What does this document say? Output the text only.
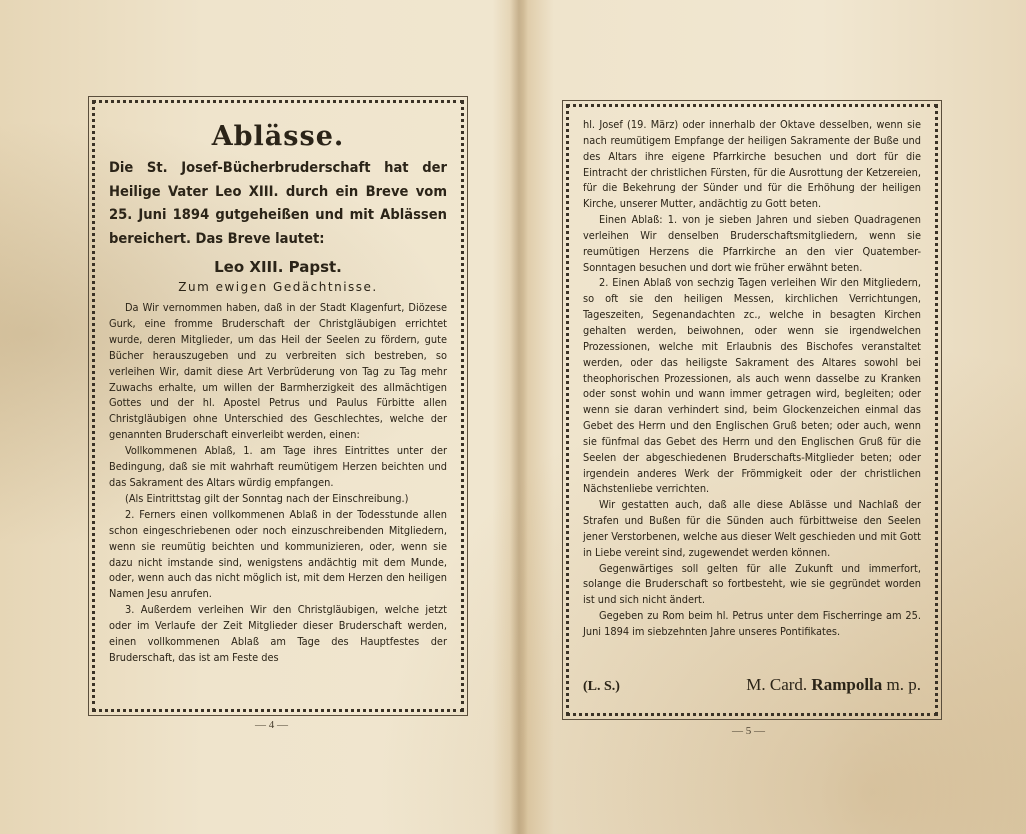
Ablässe.
Die St. Josef-Bücherbruderschaft hat der Heilige Vater Leo XIII. durch ein Breve vom 25. Juni 1894 gutgeheißen und mit Ablässen bereichert. Das Breve lautet:
Leo XIII. Papst.
Zum ewigen Gedächtnisse.

Da Wir vernommen haben, daß in der Stadt Klagenfurt, Diözese Gurk, eine fromme Bruderschaft der Christgläubigen errichtet wurde, deren Mitglieder, um das Heil der Seelen zu fördern, gute Bücher herauszugeben und zu verbreiten sich bestreben, so verleihen Wir, damit diese Art Verbrüderung von Tag zu Tag mehr Zuwachs erhalte, um willen der Barmherzigkeit des allmächtigen Gottes und der hl. Apostel Petrus und Paulus Fürbitte allen Christgläubigen ohne Unterschied des Geschlechtes, welche der genannten Bruderschaft einverleibt werden, einen:

Vollkommenen Ablaß, 1. am Tage ihres Eintrittes unter der Bedingung, daß sie mit wahrhaft reumütigem Herzen beichten und das Sakrament des Altars würdig empfangen.

(Als Eintrittstag gilt der Sonntag nach der Einschreibung.)

2. Ferners einen vollkommenen Ablaß in der Todesstunde allen schon eingeschriebenen oder noch einzuschreibenden Mitgliedern, wenn sie reumütig beichten und kommunizieren, oder, wenn sie dazu nicht imstande sind, wenigstens andächtig mit dem Munde, oder, wenn auch das nicht möglich ist, mit dem Herzen den heiligen Namen Jesu anrufen.

3. Außerdem verleihen Wir den Christgläubigen, welche jetzt oder im Verlaufe der Zeit Mitglieder dieser Bruderschaft werden, einen vollkommenen Ablaß am Tage des Hauptfestes der Bruderschaft, das ist am Feste des

— 4 —

hl. Josef (19. März) oder innerhalb der Oktave desselben, wenn sie nach reumütigem Empfange der heiligen Sakramente der Buße und des Altars ihre eigene Pfarrkirche besuchen und dort für die Eintracht der christlichen Fürsten, für die Ausrottung der Ketzereien, für die Bekehrung der Sünder und für die Erhöhung der heiligen Kirche, unserer Mutter, andächtig zu Gott beten.

Einen Ablaß: 1. von je sieben Jahren und sieben Quadragenen verleihen Wir denselben Bruderschaftsmitgliedern, wenn sie reumütigen Herzens die Pfarrkirche an den vier Quatember-Sonntagen besuchen und dort wie früher erwähnt beten.

2. Einen Ablaß von sechzig Tagen verleihen Wir den Mitgliedern, so oft sie den heiligen Messen, kirchlichen Verrichtungen, Tageszeiten, Segenandachten zc., welche in besagten Kirchen gehalten werden, beiwohnen, oder wenn sie irgendwelchen Prozessionen, welche mit Erlaubnis des Bischofes veranstaltet werden, oder das heiligste Sakrament des Altares sowohl bei theophorischen Prozessionen, als auch wenn dasselbe zu Kranken oder sonst wohin und wann immer getragen wird, begleiten; oder wenn sie daran verhindert sind, beim Glockenzeichen einmal das Gebet des Herrn und den Englischen Gruß beten; oder auch, wenn sie fünfmal das Gebet des Herrn und den Englischen Gruß für die Seelen der abgeschiedenen Bruderschafts-Mitglieder beten; oder irgendein anderes Werk der Frömmigkeit oder der christlichen Nächstenliebe verrichten.

Wir gestatten auch, daß alle diese Ablässe und Nachlaß der Strafen und Bußen für die Sünden auch fürbittweise den Seelen jener Verstorbenen, welche aus dieser Welt geschieden und mit Gott in Liebe vereint sind, zugewendet werden können.

Gegenwärtiges soll gelten für alle Zukunft und immerfort, solange die Bruderschaft so fortbesteht, wie sie gegründet worden ist und sich nicht ändert.

Gegeben zu Rom beim hl. Petrus unter dem Fischerringe am 25. Juni 1894 im siebzehnten Jahre unseres Pontifikates.

(L. S.)	M. Card. Rampolla m. p.
— 5 —
